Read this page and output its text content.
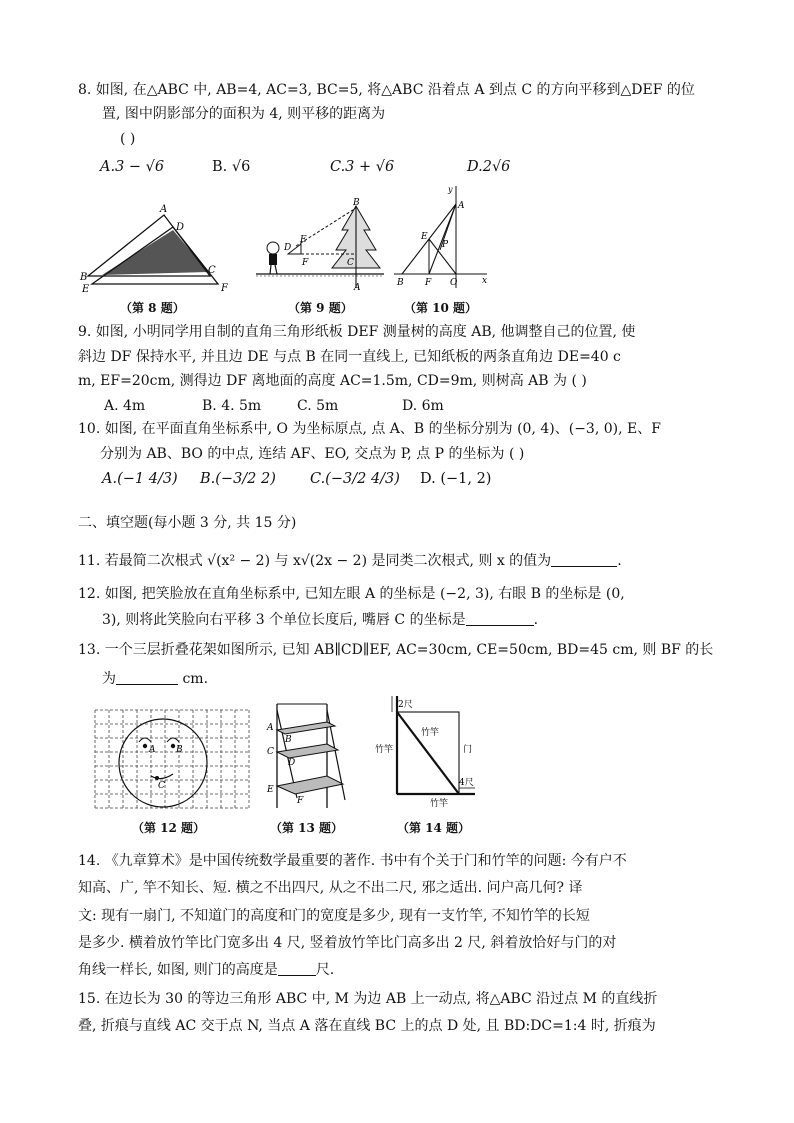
8. 如图, 在△ABC 中, AB=4, AC=3, BC=5, 将△ABC 沿着点 A 到点 C 的方向平移到△DEF 的位
置, 图中阴影部分的面积为 4, 则平移的距离为
( )
A.3 − √6	B. √6	C.3 + √6	D.2√6
A
D
B
E
C
F
（第 8 题）
B
E
D
F	C
A
（第 9 题）
y
A
E
P
B F O	x
（第 10 题）
9. 如图, 小明同学用自制的直角三角形纸板 DEF 测量树的高度 AB, 他调整自己的位置, 使
斜边 DF 保持水平, 并且边 DE 与点 B 在同一直线上, 已知纸板的两条直角边 DE=40 c
m, EF=20cm, 测得边 DF 离地面的高度 AC=1.5m, CD=9m, 则树高 AB 为 ( )
A. 4m	B. 4. 5m	C. 5m	D. 6m
10. 如图, 在平面直角坐标系中, O 为坐标原点, 点 A、B 的坐标分别为 (0, 4)、(−3, 0), E、F
分别为 AB、BO 的中点, 连结 AF、EO, 交点为 P, 点 P 的坐标为 ( )
A.(−1 4/3) B.(−3/2 2) C.(−3/2 4/3) D. (−1, 2)
二、填空题(每小题 3 分, 共 15 分)
11. 若最简二次根式 √(x² − 2) 与 x√(2x − 2) 是同类二次根式, 则 x 的值为	.
12. 如图, 把笑脸放在直角坐标系中, 已知左眼 A 的坐标是 (−2, 3), 右眼 B 的坐标是 (0,
3), 则将此笑脸向右平移 3 个单位长度后, 嘴唇 C 的坐标是	.
13. 一个三层折叠花架如图所示, 已知 AB∥CD∥EF, AC=30cm, CE=50cm, BD=45 cm, 则 BF 的长
为	cm.
A B
C
（第 12 题）
A
B
C
D
E
F
（第 13 题）
2尺
竹竿
竹竿	门
4尺
竹竿
（第 14 题）
14. 《九章算术》是中国传统数学最重要的著作. 书中有个关于门和竹竿的问题: 今有户不
知高、广, 竿不知长、短. 横之不出四尺, 从之不出二尺, 邪之适出. 问户高几何? 译
文: 现有一扇门, 不知道门的高度和门的宽度是多少, 现有一支竹竿, 不知竹竿的长短
是多少. 横着放竹竿比门宽多出 4 尺, 竖着放竹竿比门高多出 2 尺, 斜着放恰好与门的对
角线一样长, 如图, 则门的高度是	尺.
15. 在边长为 30 的等边三角形 ABC 中, M 为边 AB 上一动点, 将△ABC 沿过点 M 的直线折
叠, 折痕与直线 AC 交于点 N, 当点 A 落在直线 BC 上的点 D 处, 且 BD:DC=1:4 时, 折痕为
